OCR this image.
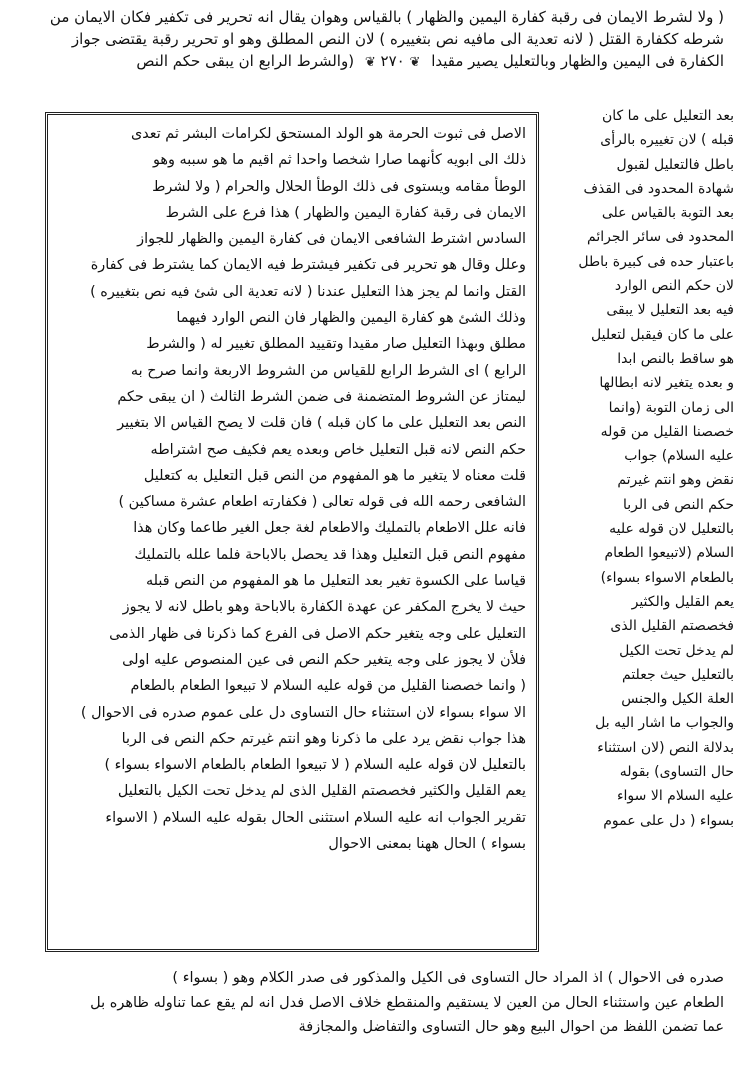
( ولا لشرط الايمان فى رقبة كفارة اليمين والظهار ) بالقياس وهوان يقال انه تحرير فى تكفير فكان الايمان من
شرطه ككفارة القتل ( لانه تعدية الى مافيه نص بتغييره ) لان النص المطلق وهو او تحرير رقبة يقتضى جواز
الكفارة فى اليمين والظهار وبالتعليل يصير مقيدا ❦ ٢٧٠ ❦ (والشرط الرابع ان يبقى حكم النص
بعد التعليل على ما كان
قبله ) لان تغييره بالرأى
باطل فالتعليل لقبول
شهادة المحدود فى القذف
بعد التوبة بالقياس على
المحدود فى سائر الجرائم
باعتبار حده فى كبيرة باطل
لان حكم النص الوارد
فيه بعد التعليل لا يبقى
على ما كان فيقبل لتعليل
هو ساقط بالنص ابدا
و بعده يتغير لانه ابطالها
الى زمان التوبة (وانما
خصصنا القليل من قوله
عليه السلام) جواب
نقض وهو انتم غيرتم
حكم النص فى الربا
بالتعليل لان قوله عليه
السلام (لاتبيعوا الطعام
بالطعام الاسواء بسواء)
يعم القليل والكثير
فخصصتم القليل الذى
لم يدخل تحت الكيل
بالتعليل حيث جعلتم
العلة الكيل والجنس
والجواب ما اشار اليه بل
بدلالة النص (لان استثناء
حال التساوى) بقوله
عليه السلام الا سواء
بسواء ( دل على عموم
الاصل فى ثبوت الحرمة هو الولد المستحق لكرامات البشر ثم تعدى
ذلك الى ابويه كأنهما صارا شخصا واحدا ثم اقيم ما هو سببه وهو
الوطأ مقامه ويستوى فى ذلك الوطأ الحلال والحرام ( ولا لشرط
الايمان فى رقبة كفارة اليمين والظهار ) هذا فرع على الشرط
السادس اشترط الشافعى الايمان فى كفارة اليمين والظهار للجواز
وعلل وقال هو تحرير فى تكفير فيشترط فيه الايمان كما يشترط فى كفارة
القتل وانما لم يجز هذا التعليل عندنا ( لانه تعدية الى شئ فيه نص بتغييره )
وذلك الشئ هو كفارة اليمين والظهار فان النص الوارد فيهما
مطلق وبهذا التعليل صار مقيدا وتقييد المطلق تغيير له ( والشرط
الرابع ) اى الشرط الرابع للقياس من الشروط الاربعة وانما صرح به
ليمتاز عن الشروط المتضمنة فى ضمن الشرط الثالث ( ان يبقى حكم
النص بعد التعليل على ما كان قبله ) فان قلت لا يصح القياس الا بتغيير
حكم النص لانه قبل التعليل خاص وبعده يعم فكيف صح اشتراطه
قلت معناه لا يتغير ما هو المفهوم من النص قبل التعليل به كتعليل
الشافعى رحمه الله فى قوله تعالى ( فكفارته اطعام عشرة مساكين )
فانه علل الاطعام بالتمليك والاطعام لغة جعل الغير طاعما وكان هذا
مفهوم النص قبل التعليل وهذا قد يحصل بالاباحة فلما علله بالتمليك
قياسا على الكسوة تغير بعد التعليل ما هو المفهوم من النص قبله
حيث لا يخرج المكفر عن عهدة الكفارة بالاباحة وهو باطل لانه لا يجوز
التعليل على وجه يتغير حكم الاصل فى الفرع كما ذكرنا فى ظهار الذمى
فلأن لا يجوز على وجه يتغير حكم النص فى عين المنصوص عليه اولى
( وانما خصصنا القليل من قوله عليه السلام لا تبيعوا الطعام بالطعام
الا سواء بسواء لان استثناء حال التساوى دل على عموم صدره فى الاحوال )
هذا جواب نقض يرد على ما ذكرنا وهو انتم غيرتم حكم النص فى الربا
بالتعليل لان قوله عليه السلام ( لا تبيعوا الطعام بالطعام الاسواء بسواء )
يعم القليل والكثير فخصصتم القليل الذى لم يدخل تحت الكيل بالتعليل
تقرير الجواب انه عليه السلام استثنى الحال بقوله عليه السلام ( الاسواء
بسواء ) الحال ههنا بمعنى الاحوال
صدره فى الاحوال ) اذ المراد حال التساوى فى الكيل والمذكور فى صدر الكلام وهو ( بسواء )
الطعام عين واستثناء الحال من العين لا يستقيم والمنقطع خلاف الاصل فدل انه لم يقع عما تناوله ظاهره بل
عما تضمن اللفظ من احوال البيع وهو حال التساوى والتفاضل والمجازفة
